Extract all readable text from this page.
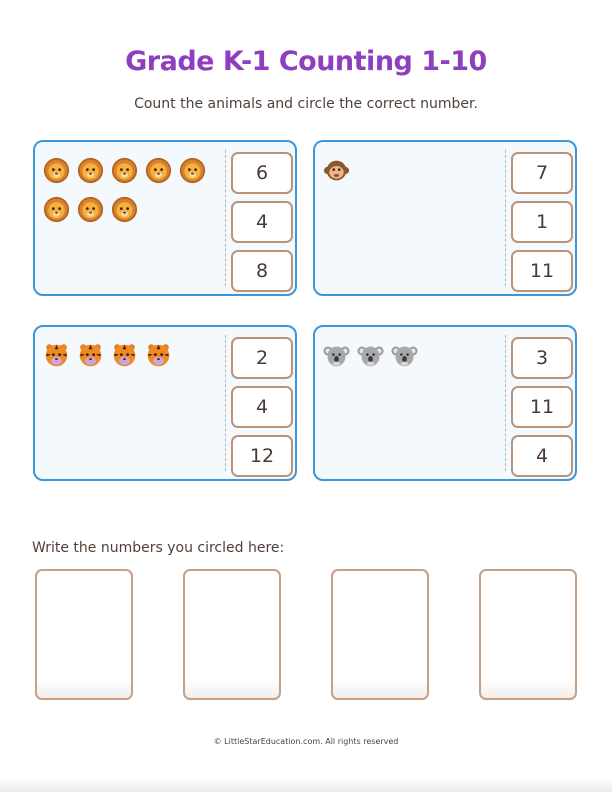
Grade K-1 Counting 1-10
Count the animals and circle the correct number.
6
4
8
7
1
11
2
4
12
3
11
4
Write the numbers you circled here:
© LittleStarEducation.com. All rights reserved
